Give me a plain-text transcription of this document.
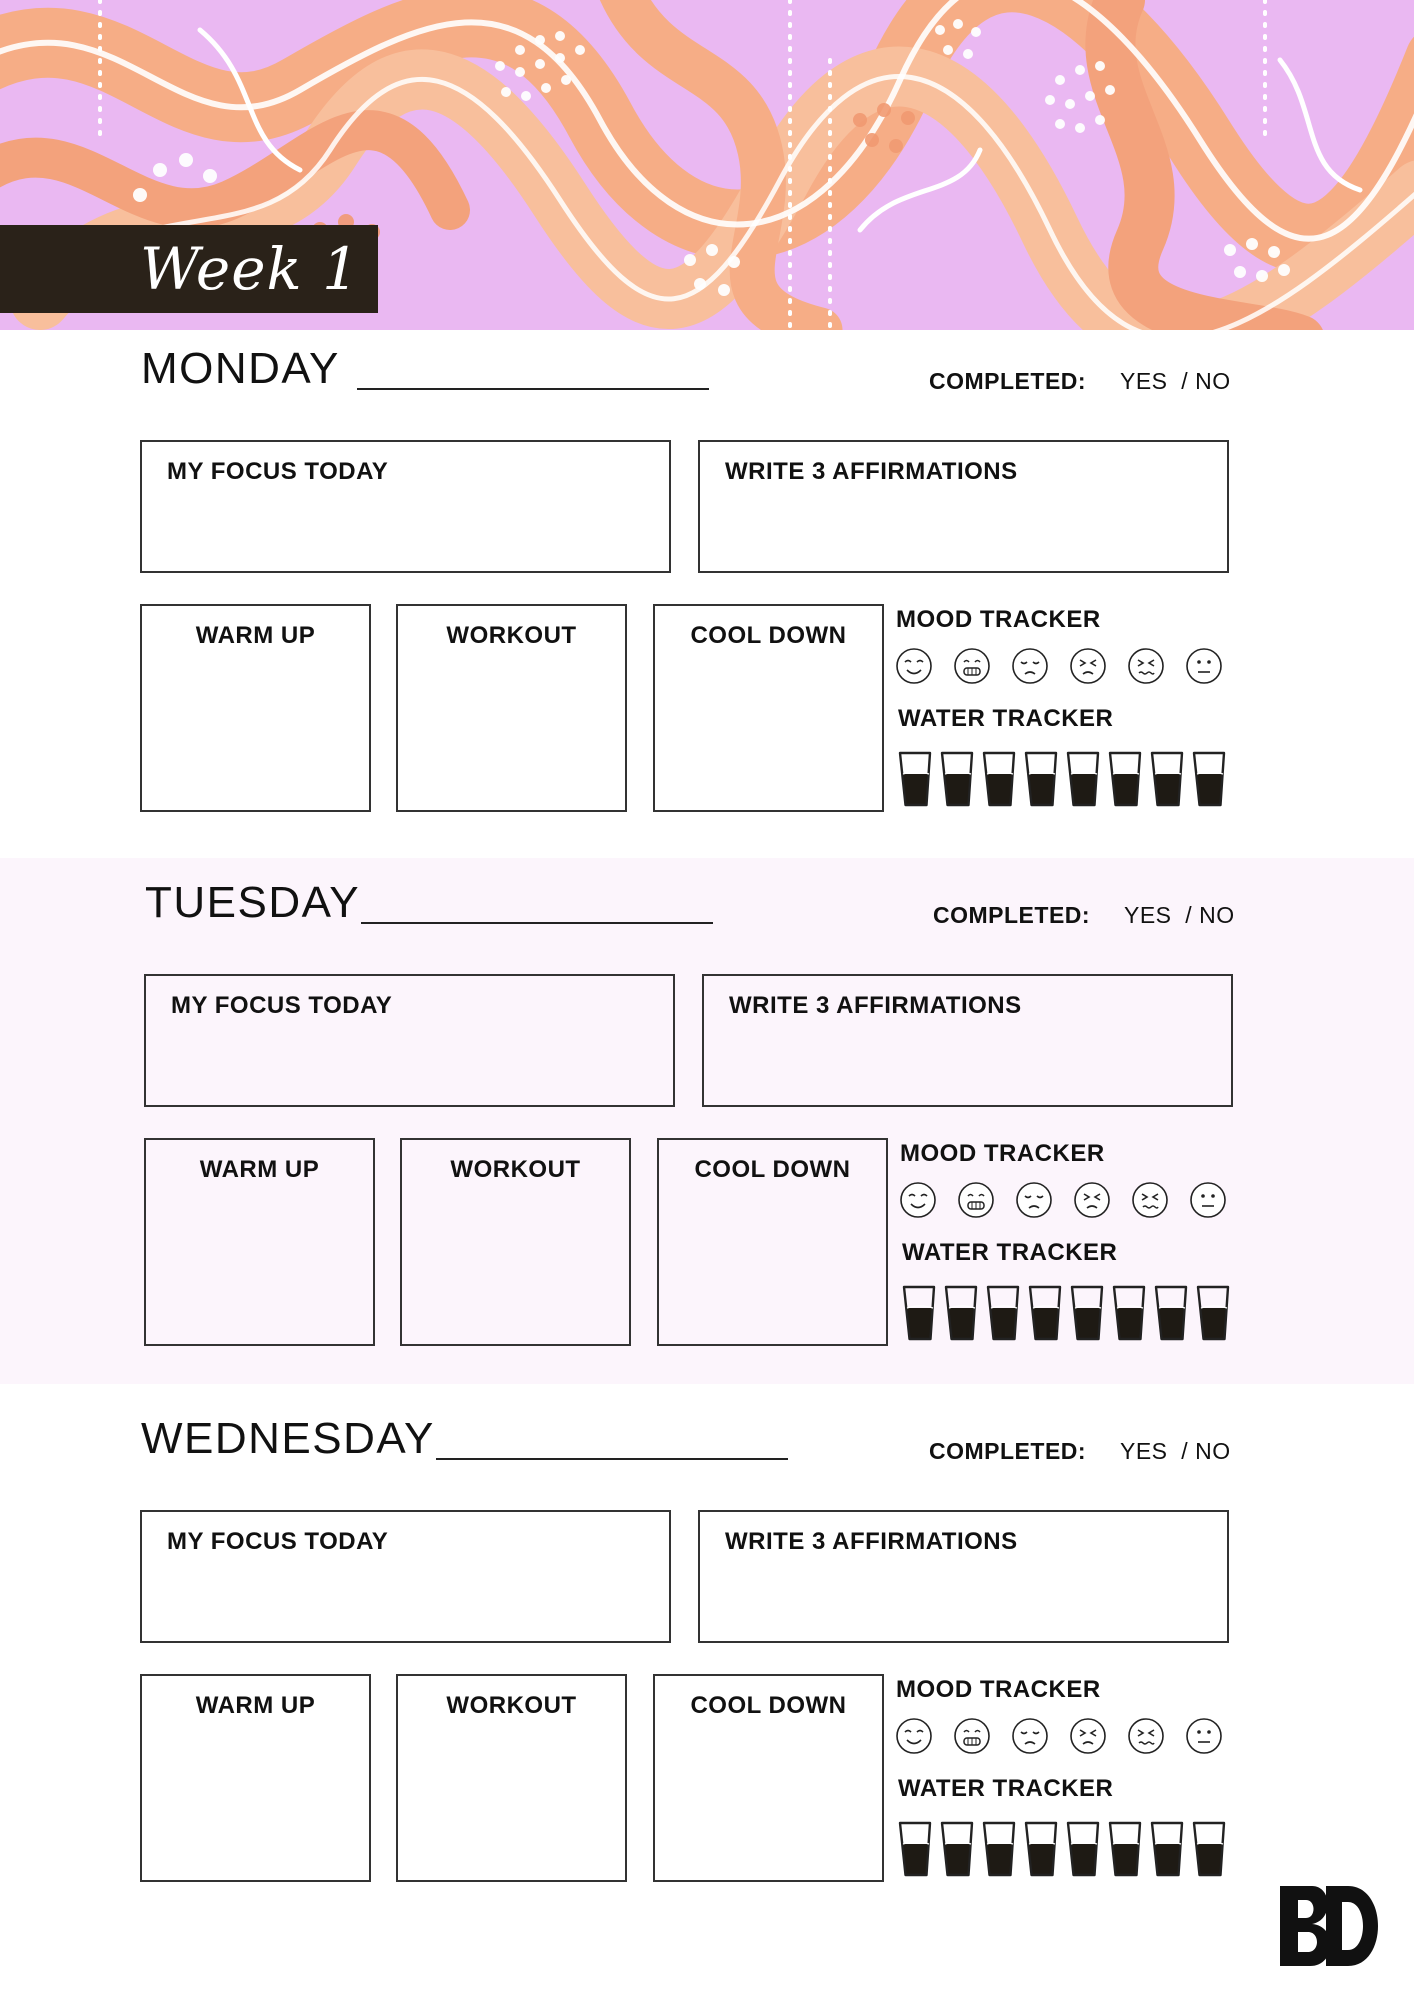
Week 1
MONDAY	COMPLETED: YES  / NO
MY FOCUS TODAY	WRITE 3 AFFIRMATIONS
WARM UP	WORKOUT	COOL DOWN
MOOD TRACKER
WATER TRACKER
TUESDAY	COMPLETED: YES  / NO
MY FOCUS TODAY	WRITE 3 AFFIRMATIONS
WARM UP	WORKOUT	COOL DOWN
MOOD TRACKER
WATER TRACKER
WEDNESDAY	COMPLETED: YES  / NO
MY FOCUS TODAY	WRITE 3 AFFIRMATIONS
WARM UP	WORKOUT	COOL DOWN
MOOD TRACKER
WATER TRACKER
